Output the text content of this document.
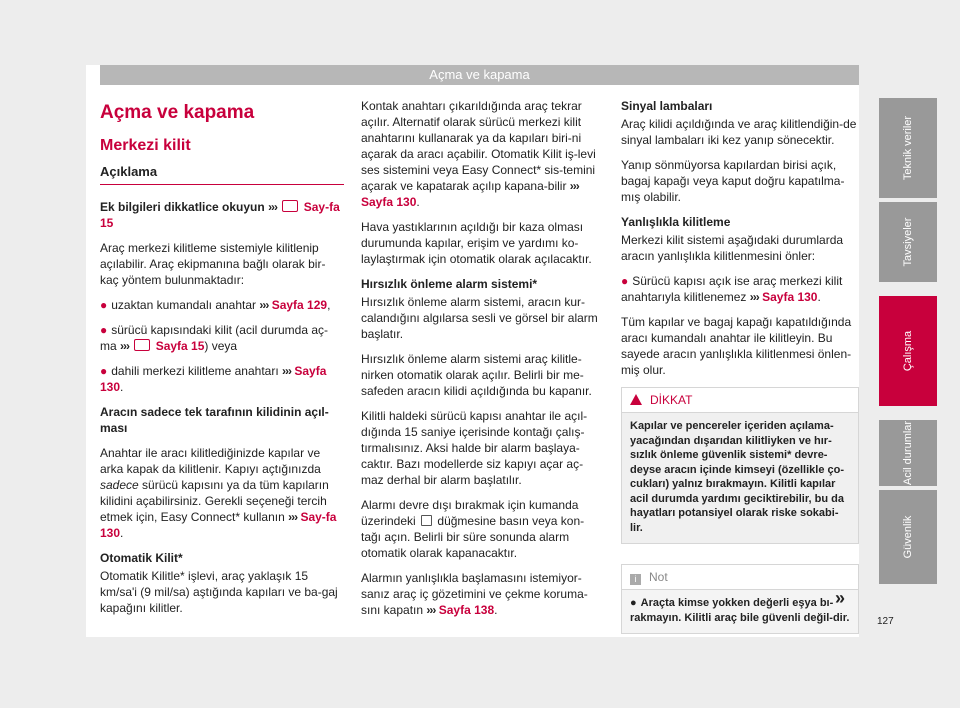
Açma ve kapama
Teknik veriler
Tavsiyeler
Çalışma
Acil durumlar
Güvenlik
127
Açma ve kapama
Merkezi kilit
Açıklama

Ek bilgileri dikkatlice okuyun ››› Say-fa 15

Araç merkezi kilitleme sistemiyle kilitlenip açılabilir. Araç ekipmanına bağlı olarak bir-kaç yöntem bulunmaktadır:

● uzaktan kumandalı anahtar ››› Sayfa 129,

● sürücü kapısındaki kilit (acil durumda aç-ma ››› Sayfa 15) veya

● dahili merkezi kilitleme anahtarı ››› Sayfa 130.

Aracın sadece tek tarafının kilidinin açıl-ması

Anahtar ile aracı kilitlediğinizde kapılar ve arka kapak da kilitlenir. Kapıyı açtığınızda sadece sürücü kapısını ya da tüm kapıların kilidini açabilirsiniz. Gerekli seçeneği tercih etmek için, Easy Connect* kullanın ››› Say-fa 130.

Otomatik Kilit*

Otomatik Kilitle* işlevi, araç yaklaşık 15 km/sa'i (9 mil/sa) aştığında kapıları ve ba-gaj kapağını kilitler.

Kontak anahtarı çıkarıldığında araç tekrar açılır. Alternatif olarak sürücü merkezi kilit anahtarını kullanarak ya da kapıları biri-ni açarak da aracı açabilir. Otomatik Kilit iş-levi ses sistemini veya Easy Connect* sis-temini açarak ve kapatarak açılıp kapana-bilir ››› Sayfa 130.

Hava yastıklarının açıldığı bir kaza olması durumunda kapılar, erişim ve yardımı ko-laylaştırmak için otomatik olarak açılacaktır.

Hırsızlık önleme alarm sistemi*

Hırsızlık önleme alarm sistemi, aracın kur-calandığını algılarsa sesli ve görsel bir alarm başlatır.

Hırsızlık önleme alarm sistemi araç kilitle-nirken otomatik olarak açılır. Belirli bir me-safeden aracın kilidi açıldığında bu kapanır.

Kilitli haldeki sürücü kapısı anahtar ile açıl-dığında 15 saniye içerisinde kontağı çalış-tırmalısınız. Aksi halde bir alarm başlaya-caktır. Bazı modellerde siz kapıyı açar aç-maz derhal bir alarm başlatılır.

Alarmı devre dışı bırakmak için kumanda üzerindeki düğmesine basın veya kon-tağı açın. Belirli bir süre sonunda alarm otomatik olarak kapanacaktır.

Alarmın yanlışlıkla başlamasını istemiyor-sanız araç iç gözetimini ve çekme koruma-sını kapatın ››› Sayfa 138.

Sinyal lambaları

Araç kilidi açıldığında ve araç kilitlendiğin-de sinyal lambaları iki kez yanıp sönecektir.

Yanıp sönmüyorsa kapılardan birisi açık, bagaj kapağı veya kaput doğru kapatılma-mış olabilir.

Yanlışlıkla kilitleme

Merkezi kilit sistemi aşağıdaki durumlarda aracın yanlışlıkla kilitlenmesini önler:

● Sürücü kapısı açık ise araç merkezi kilit anahtarıyla kilitlenemez ››› Sayfa 130.

Tüm kapılar ve bagaj kapağı kapatıldığında aracı kumandalı anahtar ile kilitleyin. Bu sayede aracın yanlışlıkla kilitlenmesi önlen-miş olur.

DİKKAT
Kapılar ve pencereler içeriden açılama-yacağından dışarıdan kilitliyken ve hır-sızlık önleme güvenlik sistemi* devre-deyse aracın içinde kimseyi (özellikle ço-cukları) yalnız bırakmayın. Kilitli kapılar acil durumda yardımı geciktirebilir, bu da hayatları potansiyel olarak riske sokabi-lir.
i Not
● Araçta kimse yokken değerli eşya bı-rakmayın. Kilitli araç bile güvenli değil-dir.
»
